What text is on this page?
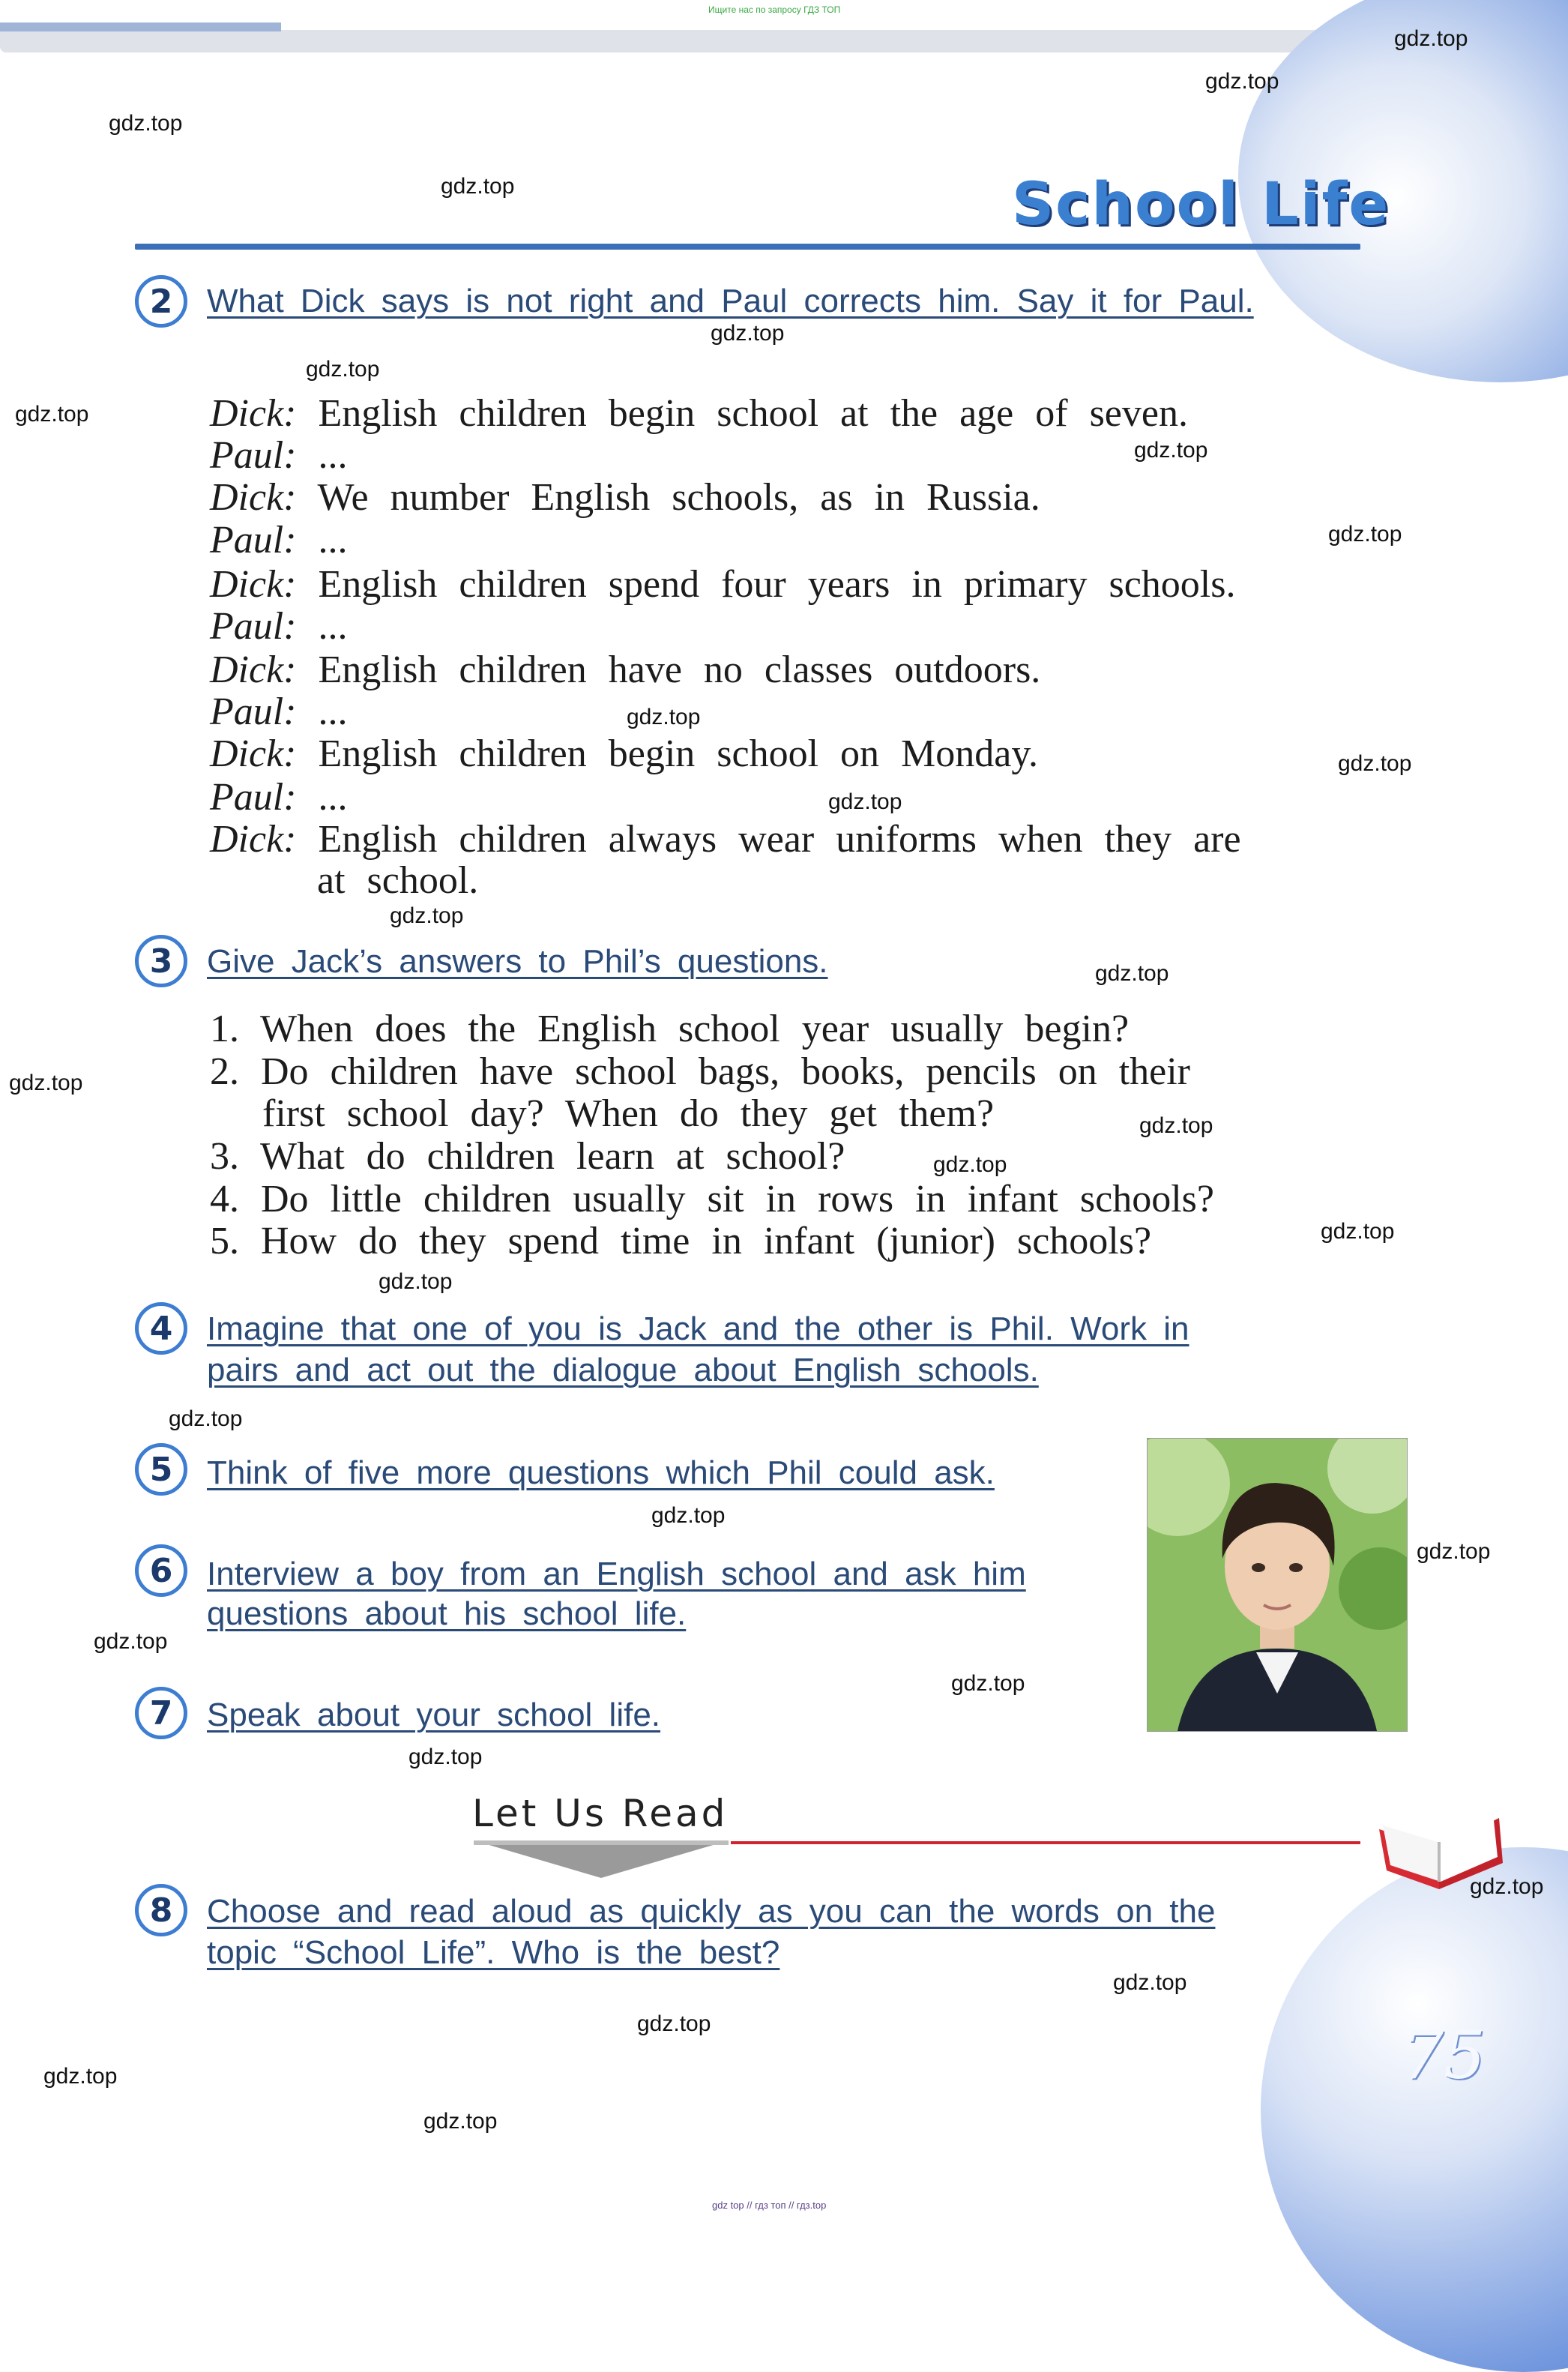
Ищите нас по запросу ГДЗ ТОП
gdz.top
gdz.top
gdz.top
gdz.top
gdz.top
gdz.top
gdz.top
gdz.top
gdz.top
gdz.top
gdz.top
gdz.top
gdz.top
gdz.top
gdz.top
gdz.top
gdz.top
gdz.top
gdz.top
gdz.top
gdz.top
gdz.top
gdz.top
gdz.top
gdz.top
gdz.top
gdz.top
gdz.top
gdz.top
gdz.top
School Life
2	What Dick says is not right and Paul corrects him. Say it for Paul.
Dick: English children begin school at the age of seven.
Paul: ...
Dick: We number English schools, as in Russia.
Paul: ...
Dick: English children spend four years in primary schools.
Paul: ...
Dick: English children have no classes outdoors.
Paul: ...
Dick: English children begin school on Monday.
Paul: ...
Dick: English children always wear uniforms when they are
at school.
3	Give Jack’s answers to Phil’s questions.
1. When does the English school year usually begin?
2. Do children have school bags, books, pencils on their
first school day? When do they get them?
3. What do children learn at school?
4. Do little children usually sit in rows in infant schools?
5. How do they spend time in infant (junior) schools?
4	Imagine that one of you is Jack and the other is Phil. Work in
pairs and act out the dialogue about English schools.
5	Think of five more questions which Phil could ask.
6	Interview a boy from an English school and ask him
questions about his school life.
7	Speak about your school life.
Let Us Read
8	Choose and read aloud as quickly as you can the words on the
topic “School Life”. Who is the best?
75
gdz top // гдз топ // гдз.top
